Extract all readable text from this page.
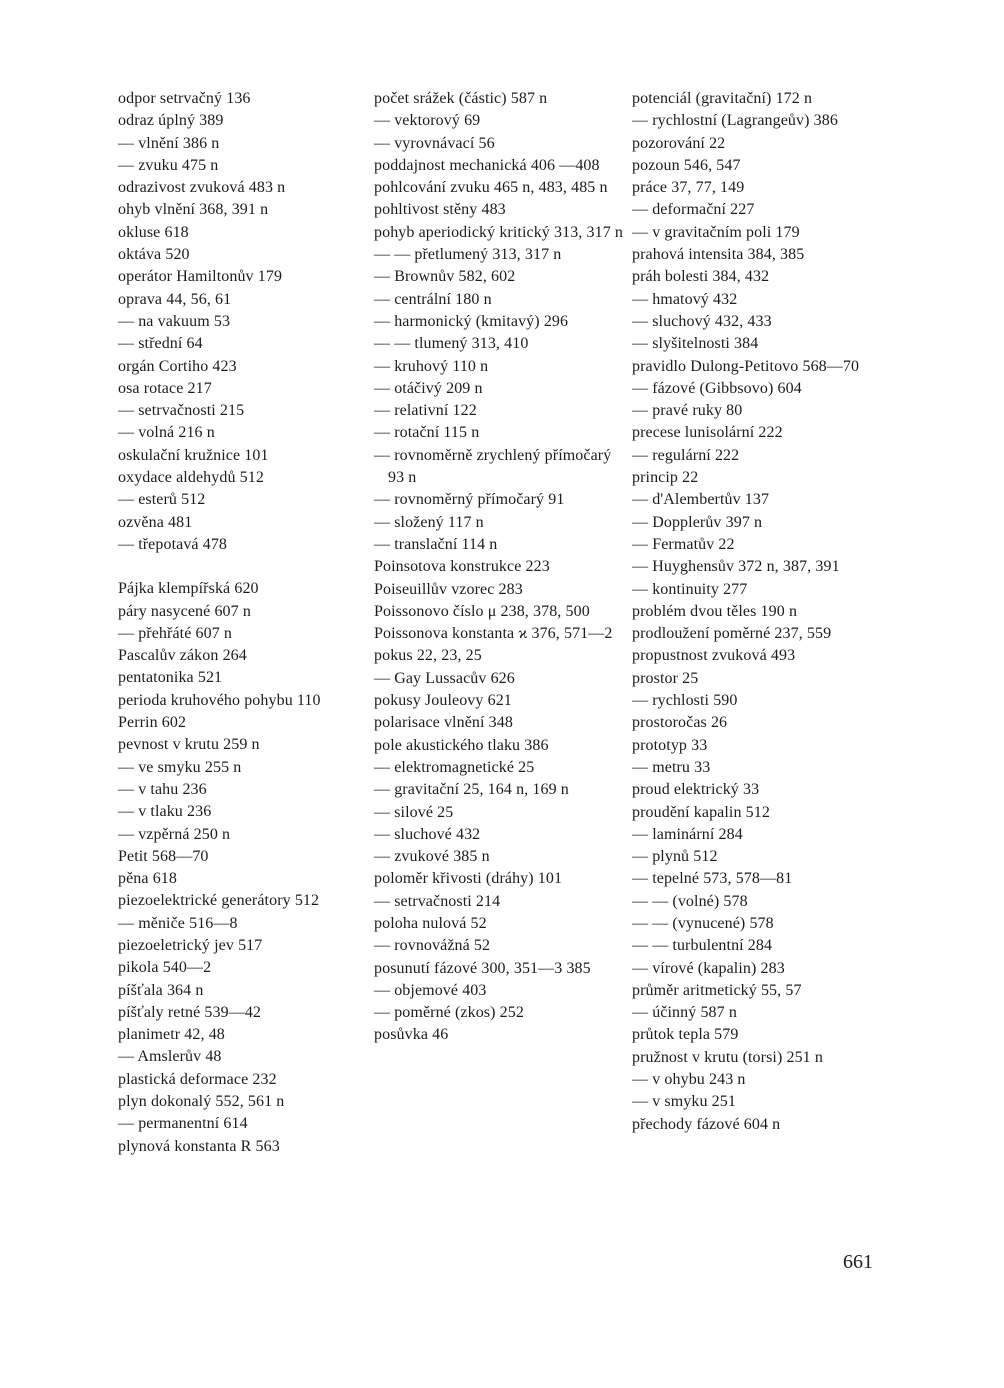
odpor setrvačný 136
odraz úplný 389
— vlnění 386 n
— zvuku 475 n
odrazivost zvuková 483 n
ohyb vlnění 368, 391 n
okluse 618
oktáva 520
operátor Hamiltonův 179
oprava 44, 56, 61
— na vakuum 53
— střední 64
orgán Cortiho 423
osa rotace 217
— setrvačnosti 215
— volná 216 n
oskulační kružnice 101
oxydace aldehydů 512
— esterů 512
ozvěna 481
— třepotavá 478
Pájka klempířská 620
páry nasycené 607 n
— přehřáté 607 n
Pascalův zákon 264
pentatonika 521
perioda kruhového pohybu 110
Perrin 602
pevnost v krutu 259 n
— ve smyku 255 n
— v tahu 236
— v tlaku 236
— vzpěrná 250 n
Petit 568—70
pěna 618
piezoelektrické generátory 512
— měniče 516—8
piezoeletrický jev 517
pikola 540—2
píšťala 364 n
píšťaly retné 539—42
planimetr 42, 48
— Amslerův 48
plastická deformace 232
plyn dokonalý 552, 561 n
— permanentní 614
plynová konstanta R 563
počet srážek (částic) 587 n
— vektorový 69
— vyrovnávací 56
poddajnost mechanická 406 —408
pohlcování zvuku 465 n, 483, 485 n
pohltivost stěny 483
pohyb aperiodický kritický 313, 317 n
— — přetlumený 313, 317 n
— Brownův 582, 602
— centrální 180 n
— harmonický (kmitavý) 296
— — tlumený 313, 410
— kruhový 110 n
— otáčivý 209 n
— relativní 122
— rotační 115 n
— rovnoměrně zrychlený přímočarý 93 n
— rovnoměrný přímočarý 91
— složený 117 n
— translační 114 n
Poinsotova konstrukce 223
Poiseuillův vzorec 283
Poissonovo číslo μ 238, 378, 500
Poissonova konstanta ϰ 376, 571—2
pokus 22, 23, 25
— Gay Lussacův 626
pokusy Jouleovy 621
polarisace vlnění 348
pole akustického tlaku 386
— elektromagnetické 25
— gravitační 25, 164 n, 169 n
— silové 25
— sluchové 432
— zvukové 385 n
poloměr křivosti (dráhy) 101
— setrvačnosti 214
poloha nulová 52
— rovnovážná 52
posunutí fázové 300, 351—3 385
— objemové 403
— poměrné (zkos) 252
posůvka 46
potenciál (gravitační) 172 n
— rychlostní (Lagrangeův) 386
pozorování 22
pozoun 546, 547
práce 37, 77, 149
— deformační 227
— v gravitačním poli 179
prahová intensita 384, 385
práh bolesti 384, 432
— hmatový 432
— sluchový 432, 433
— slyšitelnosti 384
pravidlo Dulong-Petitovo 568—70
— fázové (Gibbsovo) 604
— pravé ruky 80
precese lunisolární 222
— regulární 222
princip 22
— d'Alembertův 137
— Dopplerův 397 n
— Fermatův 22
— Huyghensův 372 n, 387, 391
— kontinuity 277
problém dvou těles 190 n
prodloužení poměrné 237, 559
propustnost zvuková 493
prostor 25
— rychlosti 590
prostoročas 26
prototyp 33
— metru 33
proud elektrický 33
proudění kapalin 512
— laminární 284
— plynů 512
— tepelné 573, 578—81
— — (volné) 578
— — (vynucené) 578
— — turbulentní 284
— vírové (kapalin) 283
průměr aritmetický 55, 57
— účinný 587 n
průtok tepla 579
pružnost v krutu (torsi) 251 n
— v ohybu 243 n
— v smyku 251
přechody fázové 604 n
661
